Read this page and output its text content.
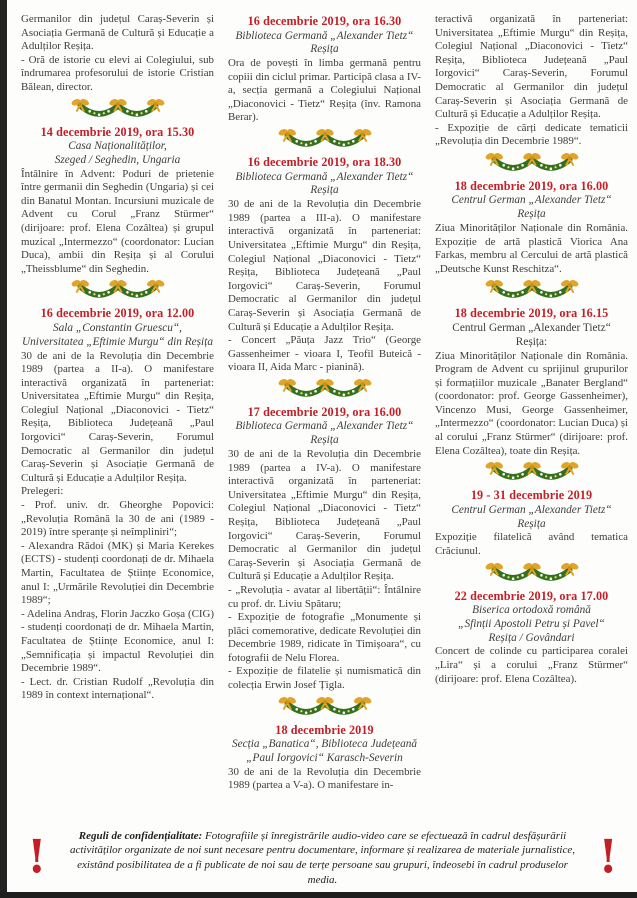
Germanilor din județul Caraș-Severin și Asociația Germană de Cultură și Educație a Adulților Reșița.

- Oră de istorie cu elevi ai Colegiului, sub îndrumarea profesorului de istorie Cristian Bălean, director.

14 decembrie 2019, ora 15.30
Casa Naționalităților,
Szeged / Seghedin, Ungaria

Întâlnire în Advent: Poduri de prietenie între germanii din Seghedin (Ungaria) și cei din Banatul Montan. Incursiuni muzicale de Advent cu Corul „Franz Stürmer“ (dirijoare: prof. Elena Cozâltea) și grupul muzical „Intermezzo“ (coordonator: Lucian Duca), ambii din Reșița și al Corului „Theissblume“ din Seghedin.

16 decembrie 2019, ora 12.00
Sala „Constantin Gruescu“,
Universitatea „Eftimie Murgu“ din Reșița

30 de ani de la Revoluția din Decembrie 1989 (partea a II-a). O manifestare interactivă organizată în parteneriat: Universitatea „Eftimie Murgu“ din Reșița, Colegiul Național „Diaconovici - Tietz“ Reșița, Biblioteca Județeană „Paul Iorgovici“ Caraș-Severin, Forumul Democratic al Germanilor din județul Caraș-Severin și Asociație Germană de Cultură și Educație a Adulților Reșița.

Prelegeri:

- Prof. univ. dr. Gheorghe Popovici: „Revoluția Română la 30 de ani (1989 - 2019) între speranțe și neîmpliniri“;

- Alexandra Rădoi (MK) și Maria Kerekes (ECTS) - studenți coordonați de dr. Mihaela Martin, Facultatea de Științe Economice, anul I: „Urmările Revoluției din Decembrie 1989“;

- Adelina Andraș, Florin Jaczko Goșa (CIG) - studenți coordonați de dr. Mihaela Martin, Facultatea de Științe Economice, anul I: „Semnificația și impactul Revoluției din Decembrie 1989“.

- Lect. dr. Cristian Rudolf „Revoluția din 1989 în context internațional“.

16 decembrie 2019, ora 16.30
Biblioteca Germană „Alexander Tietz“
Reșița

Ora de povești în limba germană pentru copiii din ciclul primar. Participă clasa a IV-a, secția germană a Colegiului Național „Diaconovici - Tietz“ Reșița (înv. Ramona Berar).

16 decembrie 2019, ora 18.30
Biblioteca Germană „Alexander Tietz“
Reșița

30 de ani de la Revoluția din Decembrie 1989 (partea a III-a). O manifestare interactivă organizată în parteneriat: Universitatea „Eftimie Murgu“ din Reșița, Colegiul Național „Diaconovici - Tietz“ Reșița, Biblioteca Județeană „Paul Iorgovici“ Caraș-Severin, Forumul Democratic al Germanilor din județul Caraș-Severin și Asociația Germană de Cultură și Educație a Adulților Reșița.

- Concert „Păuța Jazz Trio“ (George Gassenheimer - vioara I, Teofil Buteică - vioara II, Aida Marc - pianină).

17 decembrie 2019, ora 16.00
Biblioteca Germană „Alexander Tietz“
Reșița

30 de ani de la Revoluția din Decembrie 1989 (partea a IV-a). O manifestare interactivă organizată în parteneriat: Universitatea „Eftimie Murgu“ din Reșița, Colegiul Național „Diaconovici - Tietz“ Reșița, Biblioteca Județeană „Paul Iorgovici“ Caraș-Severin, Forumul Democratic al Germanilor din județul Caraș-Severin și Asociația Germană de Cultură și Educație a Adulților Reșița.

- „Revoluția - avatar al libertății“: Întâlnire cu prof. dr. Liviu Spătaru;

- Expoziție de fotografie „Monumente și plăci comemorative, dedicate Revoluției din Decembrie 1989, ridicate în Timișoara“, cu fotografii de Nelu Florea.

- Expoziție de filatelie și numismatică din colecția Erwin Josef Țigla.

18 decembrie 2019
Secția „Banatica“, Biblioteca Județeană
„Paul Iorgovici“ Karasch-Severin

30 de ani de la Revoluția din Decembrie 1989 (partea a V-a). O manifestare in-

teractivă organizată în parteneriat: Universitatea „Eftimie Murgu“ din Reșița, Colegiul Național „Diaconovici - Tietz“ Reșița, Biblioteca Județeană „Paul Iorgovici“ Caraș-Severin, Forumul Democratic al Germanilor din județul Caraș-Severin și Asociația Germană de Cultură și Educație a Adulților Reșița.

- Expoziție de cărți dedicate tematicii „Revoluția din Decembrie 1989“.

18 decembrie 2019, ora 16.00
Centrul German „Alexander Tietz“
Reșița

Ziua Minorităților Naționale din România. Expoziție de artă plastică Viorica Ana Farkas, membru al Cercului de artă plastică „Deutsche Kunst Reschitza“.

18 decembrie 2019, ora 16.15
Centrul German „Alexander Tietz“
Reșița:

Ziua Minorităților Naționale din România. Program de Advent cu sprijinul grupurilor și formațiilor muzicale „Banater Bergland“ (coordonator: prof. George Gassenheimer), Vincenzo Musi, George Gassenheimer, „Intermezzo“ (coordonator: Lucian Duca) și al corului „Franz Stürmer“ (dirijoare: prof. Elena Cozâltea), toate din Reșița.

19 - 31 decembrie 2019
Centrul German „Alexander Tietz“
Reșița

Expoziție filatelică având tematica Crăciunul.

22 decembrie 2019, ora 17.00
Biserica ortodoxă română
„Sfinții Apostoli Petru și Pavel“
Reșița / Govândari

Concert de colinde cu participarea coralei „Lira“ și a corului „Franz Stürmer“ (dirijoare: prof. Elena Cozâltea).

!	Reguli de confidențialitate: Fotografiile și înregistrările audio-video care se efectuează în cadrul desfășurării activităților organizate de noi sunt necesare pentru documentare, informare și realizarea de materiale jurnalistice, existând posibilitatea de a fi publicate de noi sau de terțe persoane sau grupuri, îndeosebi în cadrul produselor media.	!
